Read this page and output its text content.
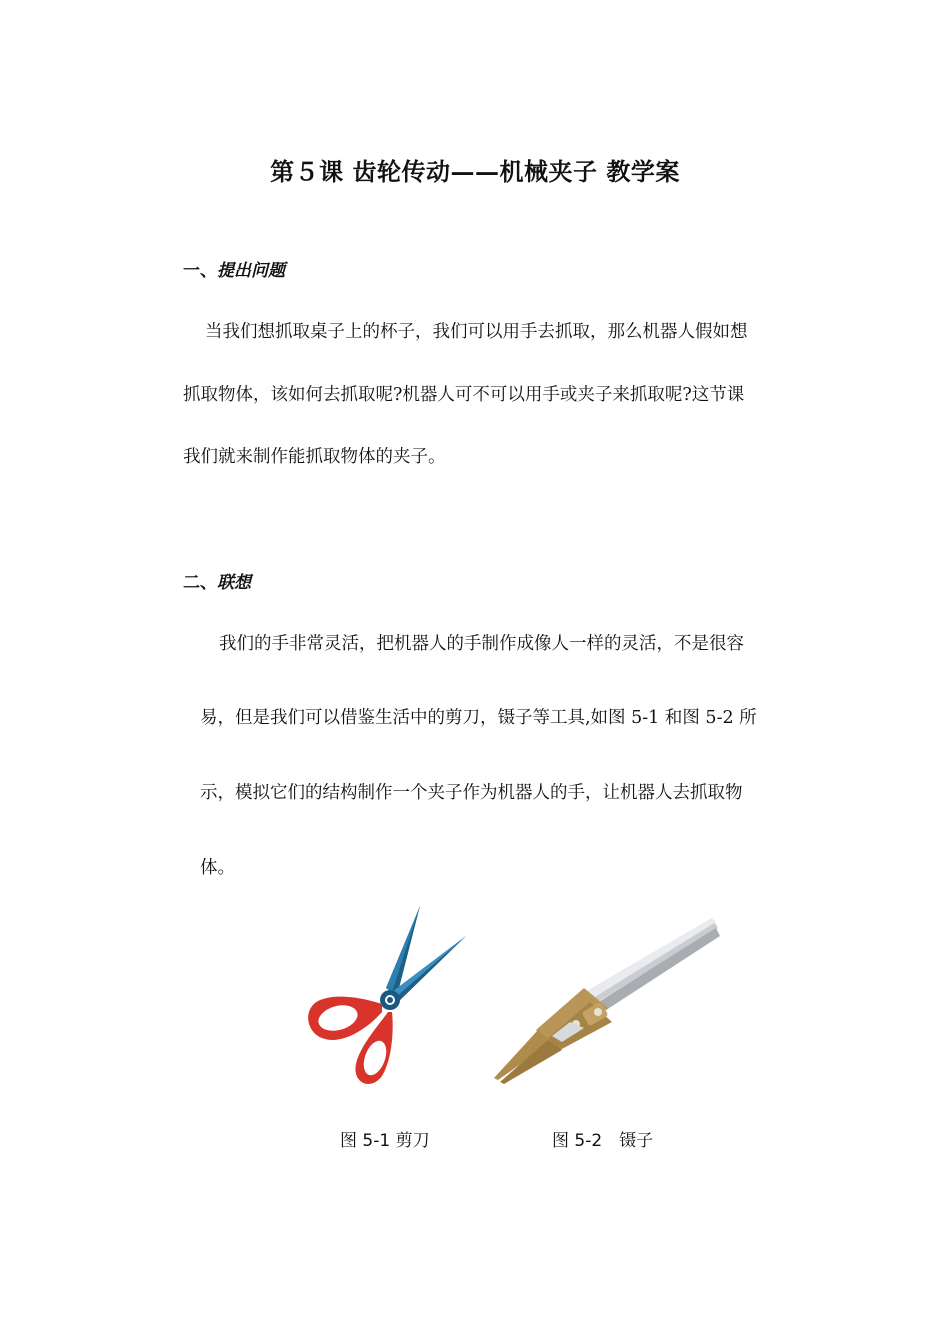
第５课 齿轮传动——机械夹子 教学案
一、提出问题
当我们想抓取桌子上的杯子，我们可以用手去抓取，那么机器人假如想
抓取物体，该如何去抓取呢?机器人可不可以用手或夹子来抓取呢?这节课
我们就来制作能抓取物体的夹子。
二、联想
我们的手非常灵活，把机器人的手制作成像人一样的灵活，不是很容
易，但是我们可以借鉴生活中的剪刀，镊子等工具,如图 5-1 和图 5-2 所
示，模拟它们的结构制作一个夹子作为机器人的手，让机器人去抓取物
体。
图 5-1 剪刀	图 5-2　镊子
